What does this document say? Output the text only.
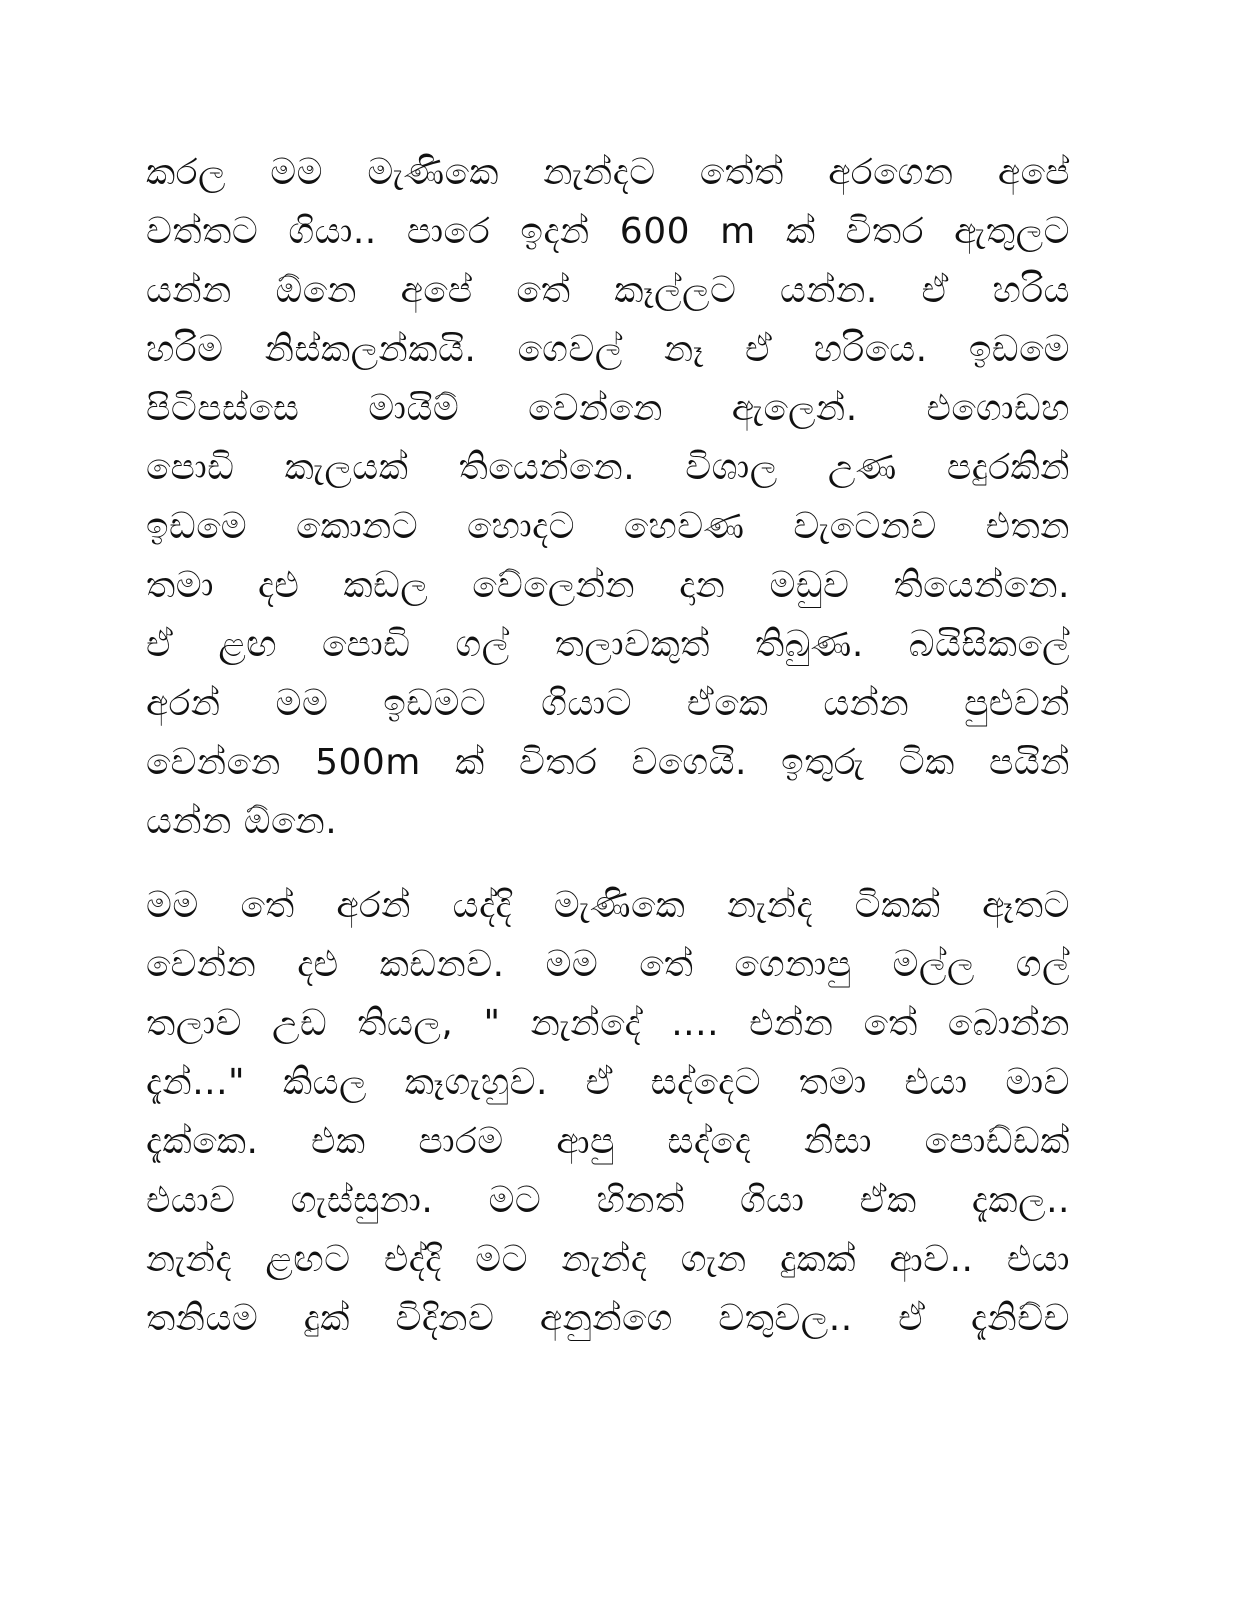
කරල මම මැණිකෙ නැන්දට තේත් අරගෙන අපේ
වත්තට ගියා.. පාරෙ ඉදන් 600 m ක් විතර ඇතුලට
යන්න ඕනෙ අපේ තේ කෑල්ලට යන්න. ඒ හරිය
හරිම නිස්කලන්කයි. ගෙවල් නෑ ඒ හරියෙ. ඉඩමෙ
පිටිපස්සෙ මායිම් වෙන්නෙ ඇලෙන්. එගොඩහ
පොඩි කැලයක් තියෙන්නෙ. විශාල උණ පදුරකින්
ඉඩමෙ කොනට හොදට හෙවණ වැටෙනව එතන
තමා දළු කඩල වේලෙන්න දාන මඩුව තියෙන්නෙ.
ඒ ළඟ පොඩි ගල් තලාවකුත් තිබුණ. බයිසිකලේ
අරන් මම ඉඩමට ගියාට ඒකෙ යන්න පුළුවන්
වෙන්නෙ 500m ක් විතර වගෙයි. ඉතුරු ටික පයින්
යන්න ඕනෙ.
මම තේ අරන් යද්දි මැණිකෙ නැන්ද ටිකක් ඈතට
වෙන්න දළු කඩනව. මම තේ ගෙනාපු මල්ල ගල්
තලාව උඩ තියල, " නැන්දේ .... එන්න තේ බොන්න
දැන්..." කියල කෑගැහුව. ඒ සද්දෙට තමා එයා මාව
දැක්කෙ. එක පාරම ආපු සද්දෙ නිසා පොඩ්ඩක්
එයාව ගැස්සුනා. මට හිනත් ගියා ඒක දැකල..
නැන්ද ළඟට එද්දි මට නැන්ද ගැන දුකක් ආව.. එයා
තනියම දුක් විදිනව අනුන්ගෙ වතුවල.. ඒ දැනිච්ච
